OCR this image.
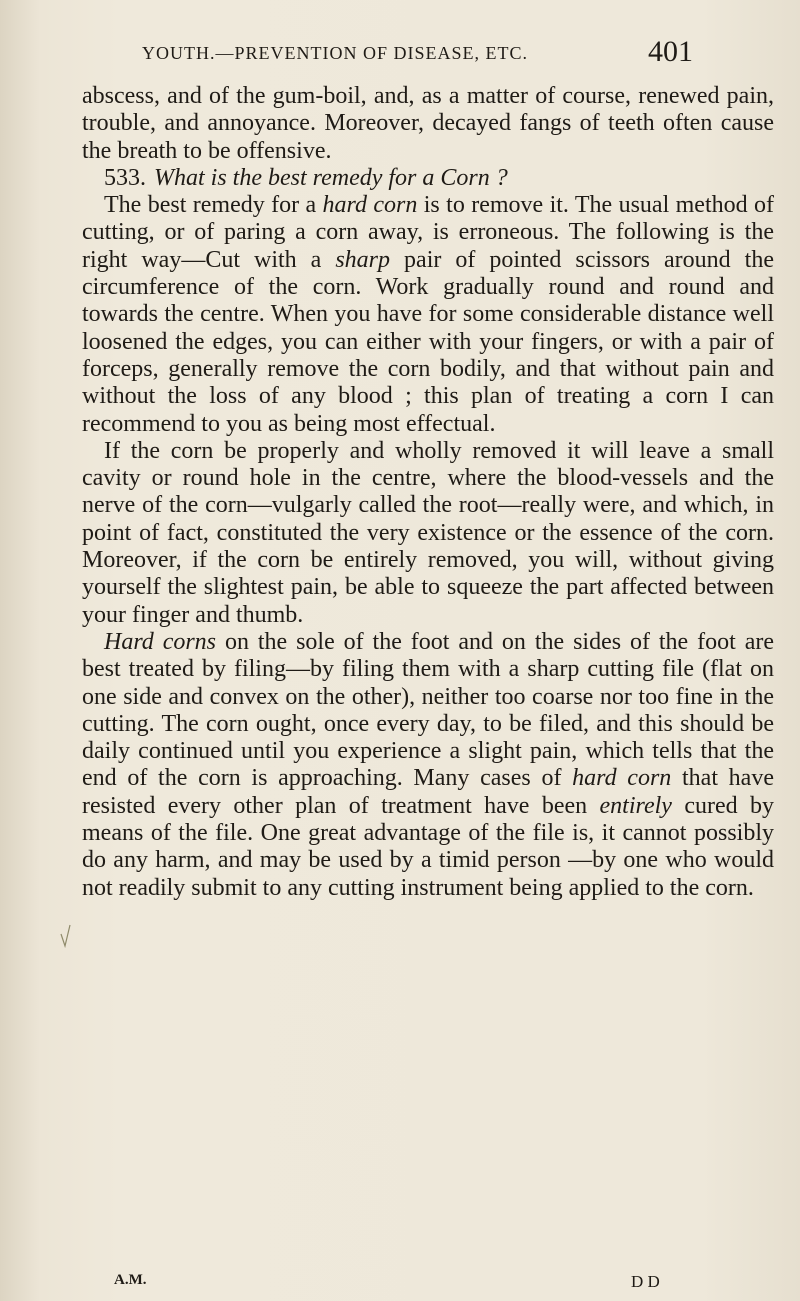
YOUTH.—PREVENTION OF DISEASE, ETC.	401

abscess, and of the gum-boil, and, as a matter of course, renewed pain, trouble, and annoyance. Moreover, decayed fangs of teeth often cause the breath to be offensive.

533. What is the best remedy for a Corn ?

The best remedy for a hard corn is to remove it. The usual method of cutting, or of paring a corn away, is erroneous. The following is the right way—Cut with a sharp pair of pointed scissors around the circumference of the corn. Work gradually round and round and towards the centre. When you have for some considerable distance well loosened the edges, you can either with your fingers, or with a pair of forceps, generally remove the corn bodily, and that without pain and without the loss of any blood ; this plan of treating a corn I can recommend to you as being most effectual.

If the corn be properly and wholly removed it will leave a small cavity or round hole in the centre, where the blood-vessels and the nerve of the corn—vulgarly called the root—really were, and which, in point of fact, constituted the very existence or the essence of the corn. Moreover, if the corn be entirely removed, you will, without giving yourself the slightest pain, be able to squeeze the part affected between your finger and thumb.

Hard corns on the sole of the foot and on the sides of the foot are best treated by filing—by filing them with a sharp cutting file (flat on one side and convex on the other), neither too coarse nor too fine in the cutting. The corn ought, once every day, to be filed, and this should be daily continued until you experience a slight pain, which tells that the end of the corn is approaching. Many cases of hard corn that have resisted every other plan of treatment have been entirely cured by means of the file. One great advantage of the file is, it cannot possibly do any harm, and may be used by a timid person —by one who would not readily submit to any cutting instrument being applied to the corn.

A.M.	D D
